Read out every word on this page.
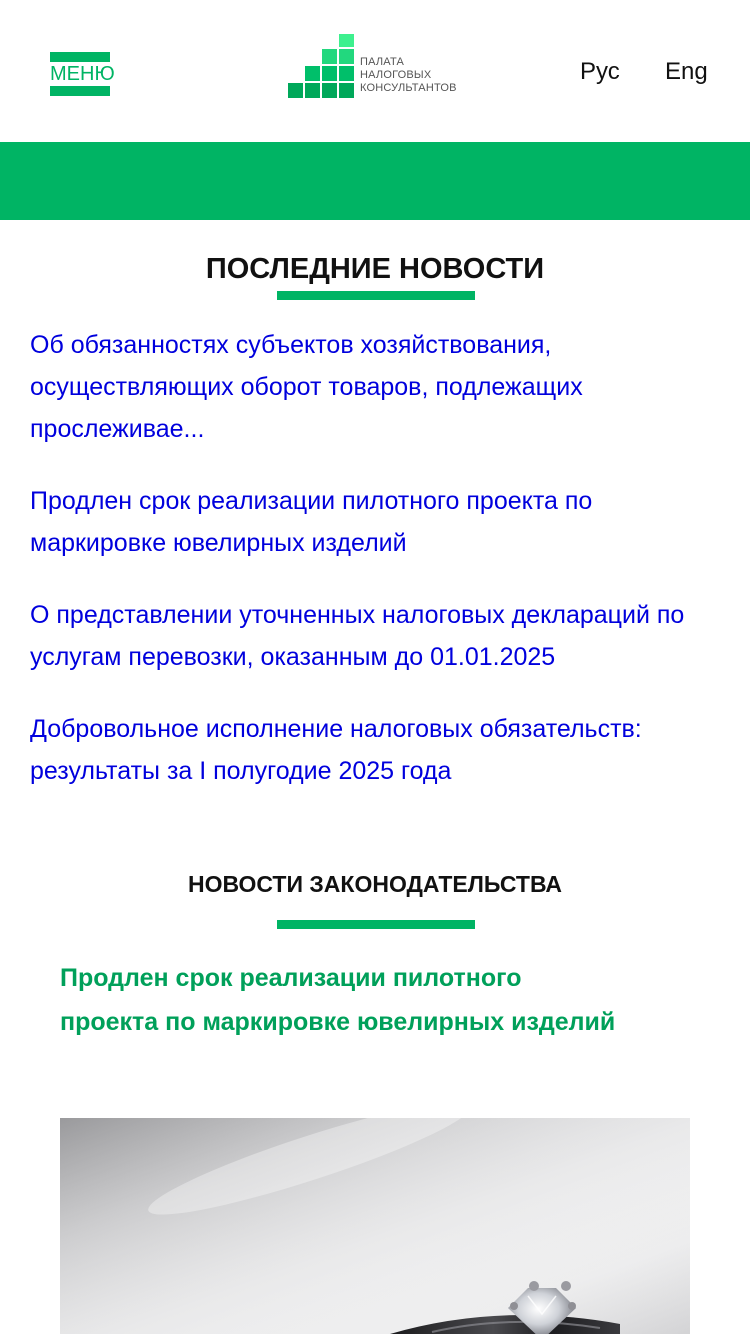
МЕНЮ
ПАЛАТА
НАЛОГОВЫХ
КОНСУЛЬТАНТОВ
Рус Eng
ПОСЛЕДНИЕ НОВОСТИ
Об обязанностях субъектов хозяйствования, осуществляющих оборот товаров, подлежащих прослеживае...
Продлен срок реализации пилотного проекта по маркировке ювелирных изделий
О представлении уточненных налоговых деклараций по услугам перевозки, оказанным до 01.01.2025
Добровольное исполнение налоговых обязательств: результаты за I полугодие 2025 года
НОВОСТИ ЗАКОНОДАТЕЛЬСТВА
Продлен срок реализации пилотного проекта по маркировке ювелирных изделий
